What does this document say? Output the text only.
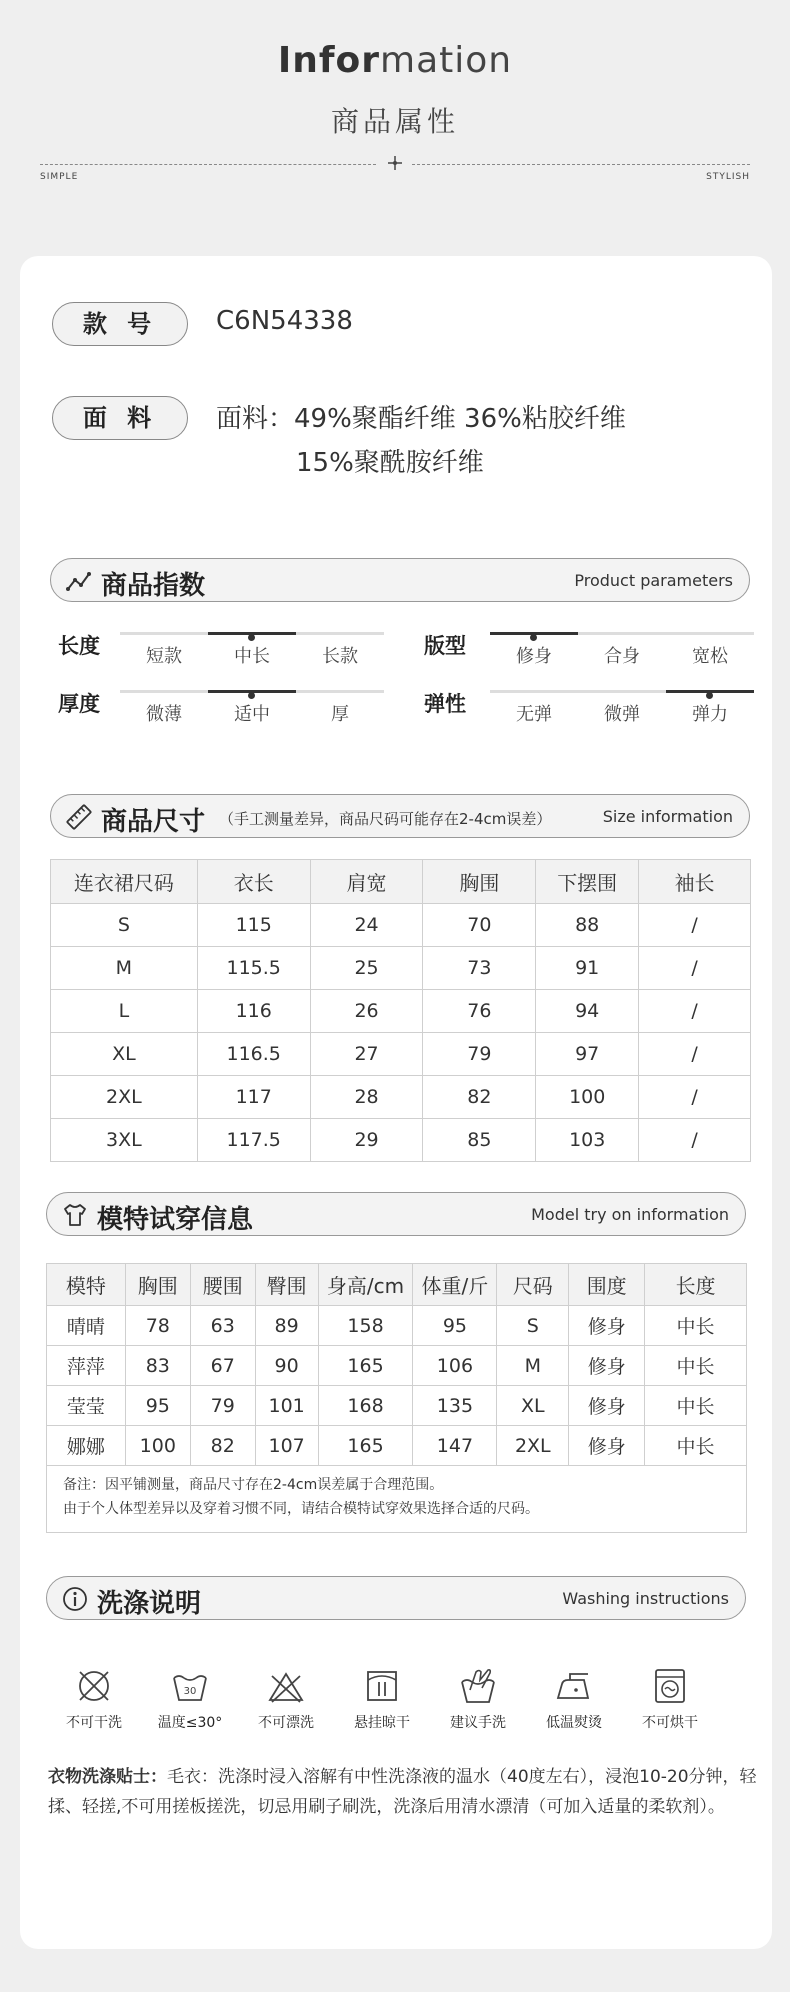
Information
商品属性
SIMPLE	STYLISH
款 号	C6N54338
面 料	面料：49%聚酯纤维 36%粘胶纤维
15%聚酰胺纤维
商品指数	Product parameters
长度	短款	中长	长款	版型	修身	合身	宽松
厚度	微薄	适中	厚	弹性	无弹	微弹	弹力
商品尺寸 （手工测量差异，商品尺码可能存在2-4cm误差）	Size information
连衣裙尺码	衣长	肩宽	胸围	下摆围	袖长
S	115	24	70	88	/
M	115.5	25	73	91	/
L	116	26	76	94	/
XL	116.5	27	79	97	/
2XL	117	28	82	100	/
3XL	117.5	29	85	103	/
模特试穿信息	Model try on information
模特	胸围	腰围	臀围	身高/cm	体重/斤	尺码	围度	长度
晴晴	78	63	89	158	95	S	修身	中长
萍萍	83	67	90	165	106	M	修身	中长
莹莹	95	79	101	168	135	XL	修身	中长
娜娜	100	82	107	165	147	2XL	修身	中长
备注：因平铺测量，商品尺寸存在2-4cm误差属于合理范围。
由于个人体型差异以及穿着习惯不同，请结合模特试穿效果选择合适的尺码。
洗涤说明	Washing instructions
不可干洗
30
温度≤30°	不可漂洗	悬挂晾干	建议手洗	低温熨烫	不可烘干
衣物洗涤贴士：毛衣：洗涤时浸入溶解有中性洗涤液的温水（40度左右），浸泡10-20分钟，轻揉、轻搓,不可用搓板搓洗，切忌用刷子刷洗，洗涤后用清水漂清（可加入适量的柔软剂）。
